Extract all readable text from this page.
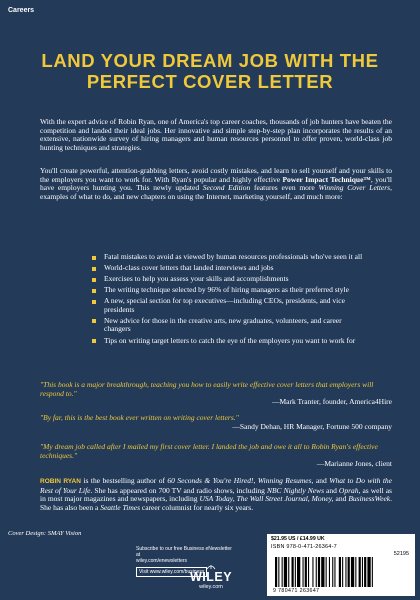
Careers
LAND YOUR DREAM JOB WITH THE
PERFECT COVER LETTER

With the expert advice of Robin Ryan, one of America's top career coaches, thousands of job hunters have beaten the competition and landed their ideal jobs. Her innovative and simple step-by-step plan incorporates the results of an extensive, nationwide survey of hiring managers and human resources personnel to offer proven, world-class job hunting techniques and strategies.

You'll create powerful, attention-grabbing letters, avoid costly mistakes, and learn to sell yourself and your skills to the employers you want to work for. With Ryan's popular and highly effective Power Impact Technique™, you'll have employers hunting you. This newly updated Second Edition features even more Winning Cover Letters, examples of what to do, and new chapters on using the Internet, marketing yourself, and much more:

Fatal mistakes to avoid as viewed by human resources professionals who've seen it all
World-class cover letters that landed interviews and jobs
Exercises to help you assess your skills and accomplishments
The writing technique selected by 96% of hiring managers as their preferred style
A new, special section for top executives—including CEOs, presidents, and vice presidents
New advice for those in the creative arts, new graduates, volunteers, and career changers
Tips on writing target letters to catch the eye of the employers you want to work for
"This book is a major breakthrough, teaching you how to easily write effective cover letters that employers will respond to."
—Mark Tranter, founder, America4Hire
"By far, this is the best book ever written on writing cover letters."
—Sandy Dehan, HR Manager, Fortune 500 company
"My dream job called after I mailed my first cover letter. I landed the job and owe it all to Robin Ryan's effective techniques."
—Marianne Jones, client

ROBIN RYAN is the bestselling author of 60 Seconds & You're Hired!, Winning Resumes, and What to Do with the Rest of Your Life. She has appeared on 700 TV and radio shows, including NBC Nightly News and Oprah, as well as in most major magazines and newspapers, including USA Today, The Wall Street Journal, Money, and BusinessWeek. She has also been a Seattle Times career columnist for nearly six years.

Cover Design: SMAY Vision
Subscribe to our free Business eNewsletter at
wiley.com/enewsletters
Visit www.wiley.com/business
WILEY
wiley.com
$21.95 US / £14.99 UK
ISBN 978-0-471-26364-7
52195
9 780471 263647
